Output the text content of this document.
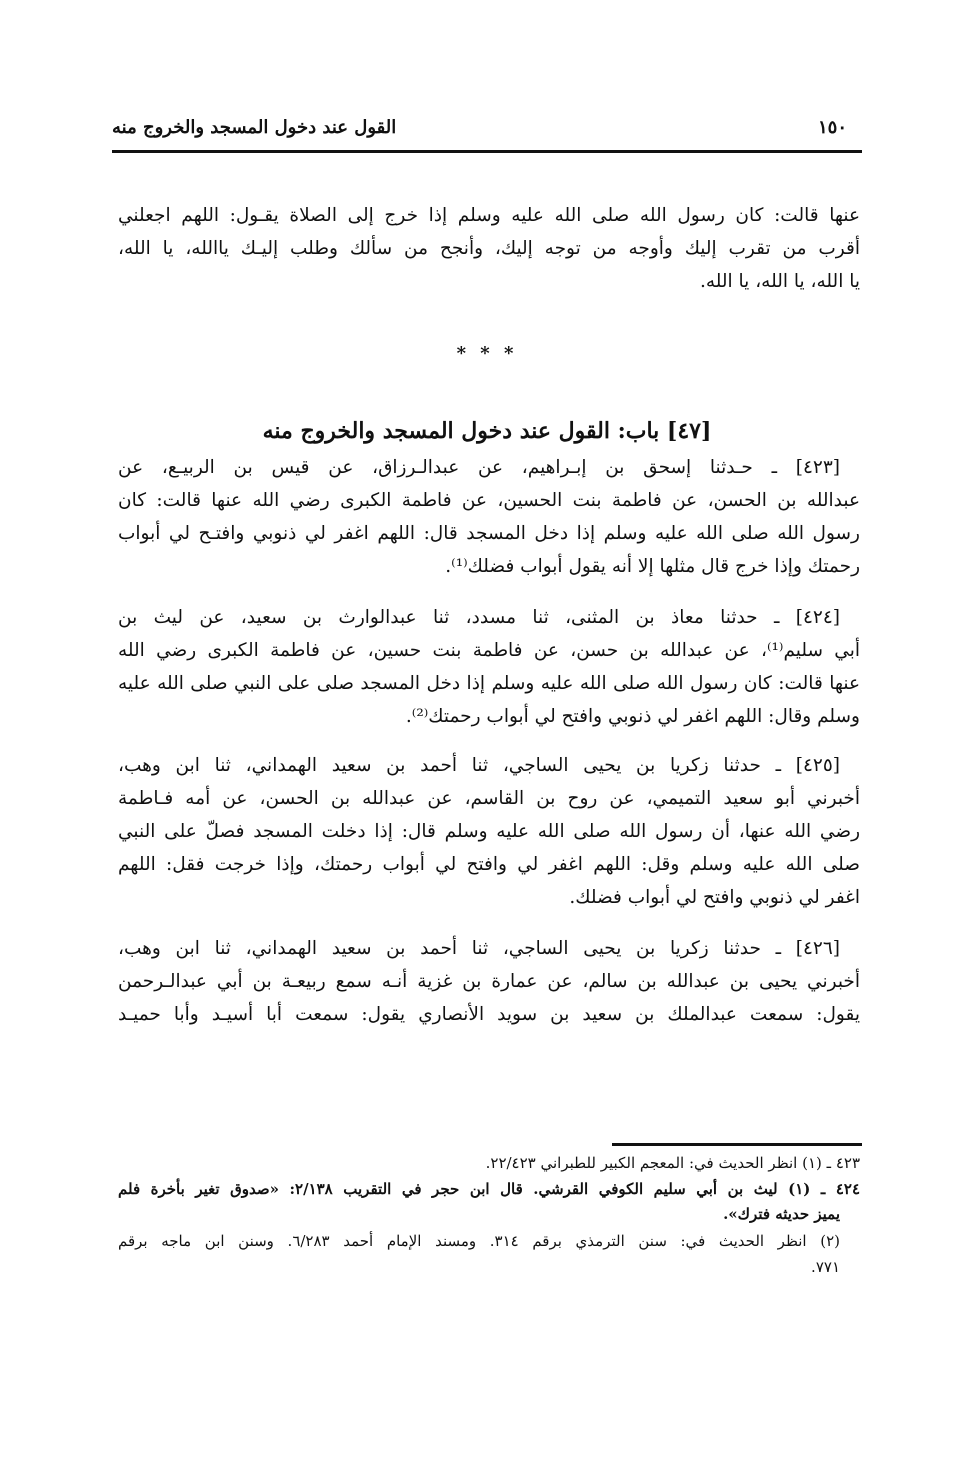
١٥٠
القول عند دخول المسجد والخروج منه
عنها قالت: كان رسول الله صلى الله عليه وسلم إذا خرج إلى الصلاة يقـول: اللهم اجعلني
أقرب من تقرب إليك وأوجه من توجه إليك، وأنجح من سألك وطلب إليـك ياالله، يا الله،
يا الله، يا الله، يا الله.
* * *
[٤٧] باب: القول عند دخول المسجد والخروج منه
[٤٢٣] ـ حـدثنا إسحق بن إبـراهيم، عن عبدالـرزاق، عن قيس بن الربيـع، عن
عبدالله بن الحسن، عن فاطمة بنت الحسين، عن فاطمة الكبرى رضي الله عنها قالت: كان
رسول الله صلى الله عليه وسلم إذا دخل المسجد قال: اللهم اغفر لي ذنوبي وافتـح لي أبواب
رحمتك وإذا خرج قال مثلها إلا أنه يقول أبواب فضلك⁽¹⁾.
[٤٢٤] ـ حدثنا معاذ بن المثنى، ثنا مسدد، ثنا عبدالوارث بن سعيد، عن ليث بن
أبي سليم⁽¹⁾، عن عبدالله بن حسن، عن فاطمة بنت حسين، عن فاطمة الكبرى رضي الله
عنها قالت: كان رسول الله صلى الله عليه وسلم إذا دخل المسجد صلى على النبي صلى الله عليه
وسلم وقال: اللهم اغفر لي ذنوبي وافتح لي أبواب رحمتك⁽²⁾.
[٤٢٥] ـ حدثنا زكريا بن يحيى الساجي، ثنا أحمد بن سعيد الهمداني، ثنا ابن وهب،
أخبرني أبو سعيد التميمي، عن روح بن القاسم، عن عبدالله بن الحسن، عن أمه فـاطمة
رضي الله عنها، أن رسول الله صلى الله عليه وسلم قال: إذا دخلت المسجد فصلّ على النبي
صلى الله عليه وسلم وقل: اللهم اغفر لي وافتح لي أبواب رحمتك، وإذا خرجت فقل: اللهم
اغفر لي ذنوبي وافتح لي أبواب فضلك.
[٤٢٦] ـ حدثنا زكريا بن يحيى الساجي، ثنا أحمد بن سعيد الهمداني، ثنا ابن وهب،
أخبرني يحيى بن عبدالله بن سالم، عن عمارة بن غزية أنـه سمع ربيعـة بن أبي عبدالـرحمن
يقول: سمعت عبدالملك بن سعيد بن سويد الأنصاري يقول: سمعت أبا أسيـد وأبا حميـد
٤٢٣ ـ (١) انظر الحديث في: المعجم الكبير للطبراني ٢٢/٤٢٣.
٤٢٤ ـ (١) ليث بن أبي سليم الكوفي القرشي. قال ابن حجر في التقريب ٢/١٣٨: «صدوق تغير بأخرة فلم
يميز حديثه فترك».
(٢) انظر الحديث في: سنن الترمذي برقم ٣١٤. ومسند الإمام أحمد ٦/٢٨٣. وسنن ابن ماجه برقم
٧٧١.
